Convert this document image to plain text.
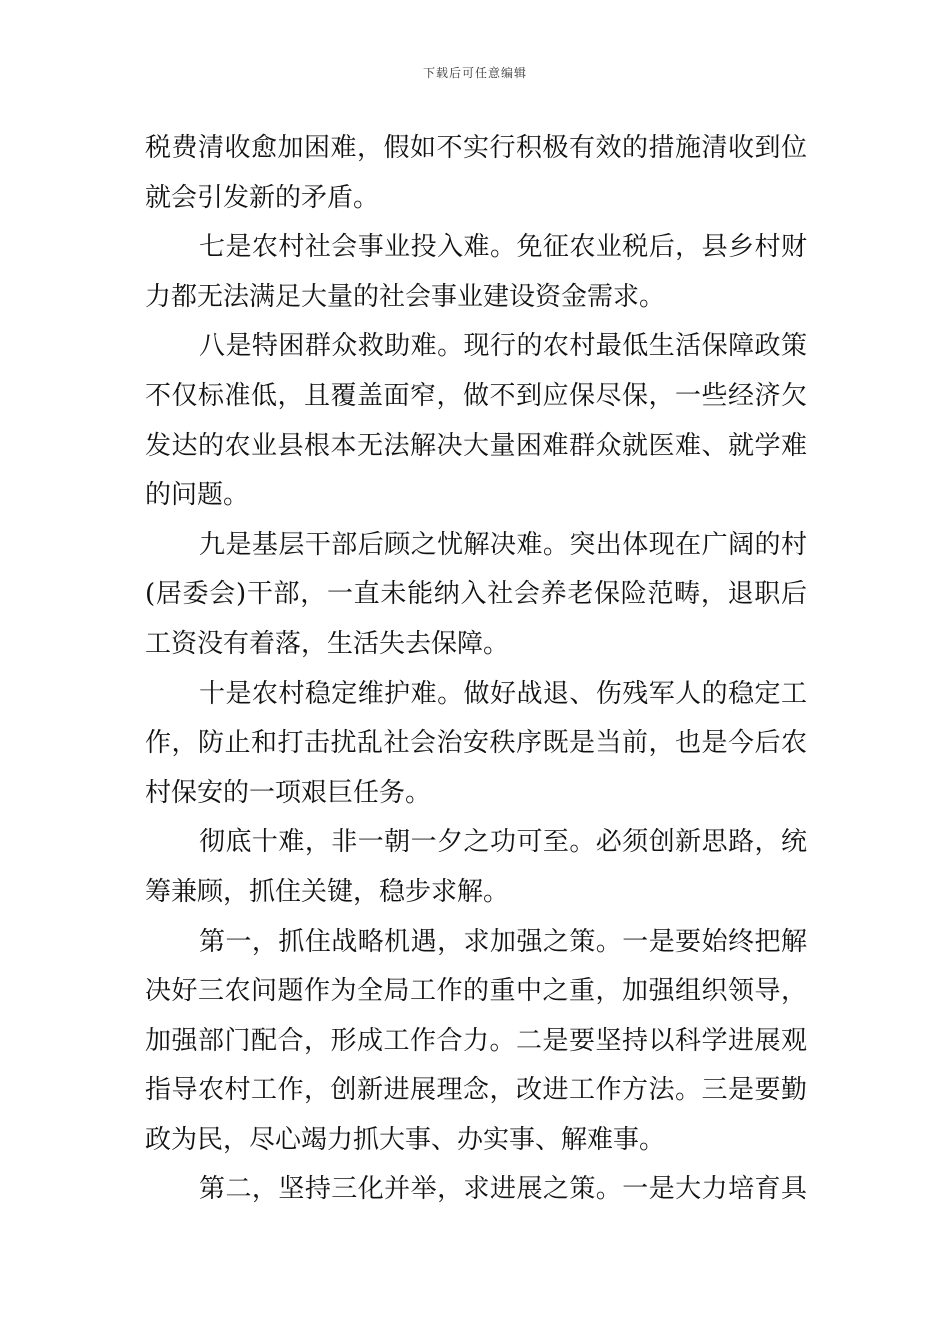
下载后可任意编辑
税费清收愈加困难，假如不实行积极有效的措施清收到位
就会引发新的矛盾。
七是农村社会事业投入难。免征农业税后，县乡村财
力都无法满足大量的社会事业建设资金需求。
八是特困群众救助难。现行的农村最低生活保障政策
不仅标准低，且覆盖面窄，做不到应保尽保，一些经济欠
发达的农业县根本无法解决大量困难群众就医难、就学难
的问题。
九是基层干部后顾之忧解决难。突出体现在广阔的村
(居委会)干部，一直未能纳入社会养老保险范畴，退职后
工资没有着落，生活失去保障。
十是农村稳定维护难。做好战退、伤残军人的稳定工
作，防止和打击扰乱社会治安秩序既是当前，也是今后农
村保安的一项艰巨任务。
彻底十难，非一朝一夕之功可至。必须创新思路，统
筹兼顾，抓住关键，稳步求解。
第一，抓住战略机遇，求加强之策。一是要始终把解
决好三农问题作为全局工作的重中之重，加强组织领导，
加强部门配合，形成工作合力。二是要坚持以科学进展观
指导农村工作，创新进展理念，改进工作方法。三是要勤
政为民，尽心竭力抓大事、办实事、解难事。
第二，坚持三化并举，求进展之策。一是大力培育具
